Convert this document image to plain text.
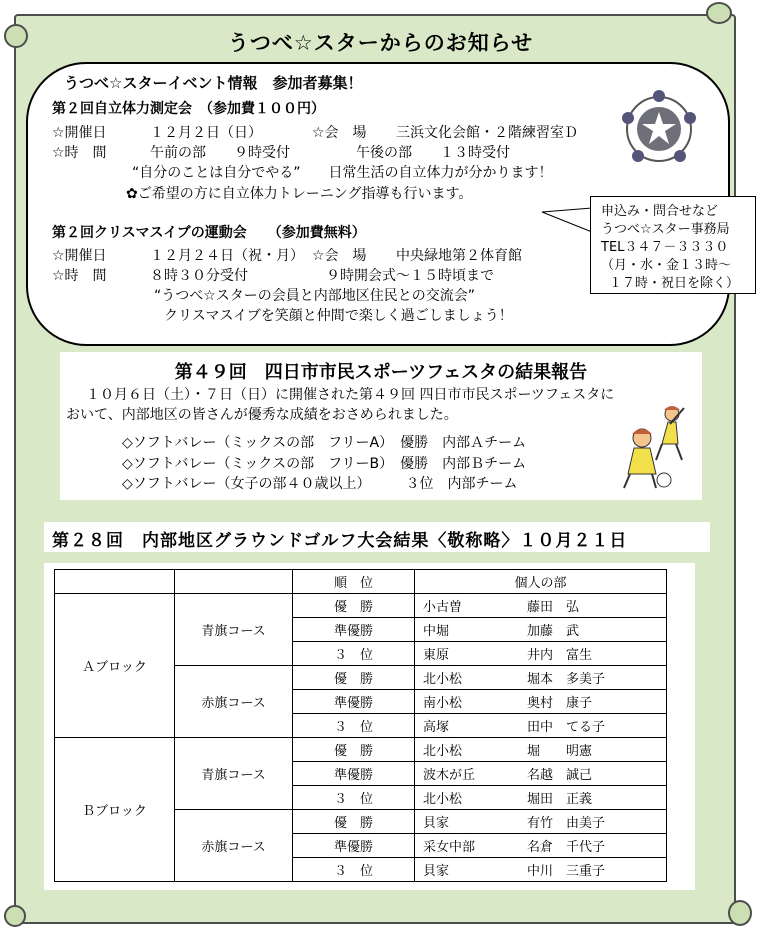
うつべ☆スターからのお知らせ
うつべ☆スターイベント情報　参加者募集！
第２回自立体力測定会　（参加費１００円）
☆開催日	１２月２日（日）	☆会　場 三浜文化会館・２階練習室Ｄ
☆時　間	午前の部　　９時受付	午後の部　　１３時受付
“自分のことは自分でやる”　　日常生活の自立体力が分かります！
✿ご希望の方に自立体力トレーニング指導も行います。
第２回クリスマスイブの運動会　　（参加費無料）
☆開催日	１２月２４日（祝・月） ☆会　場 中央緑地第２体育館
☆時　間	８時３０分受付	９時開会式～１５時頃まで
“うつべ☆スターの会員と内部地区住民との交流会”
クリスマスイブを笑顔と仲間で楽しく過ごしましょう！
申込み・問合せなど
うつべ☆スター事務局
TEL３４７－３３３０
（月・水・金１３時～
１７時・祝日を除く）
第４９回　四日市市民スポーツフェスタの結果報告
１０月６日（土）・７日（日）に開催された第４９回 四日市市民スポーツフェスタに
おいて、内部地区の皆さんが優秀な成績をおさめられました。
◇ソフトバレー（ミックスの部　フリーA）　優勝　内部Ａチーム
◇ソフトバレー（ミックスの部　フリーB）　優勝　内部Ｂチーム
◇ソフトバレー（女子の部４０歳以上）　　　３位　内部チーム
第２８回　内部地区グラウンドゴルフ大会結果〈敬称略〉１０月２１日
		順　位	個人の部
Ａブロック	青旗コース	優　勝	小古曽 藤田　弘
		準優勝	中堀 加藤　武
		３　位	東原 井内　富生
	赤旗コース	優　勝	北小松 堀本　多美子
		準優勝	南小松 奥村　康子
		３　位	高塚 田中　てる子
Ｂブロック	青旗コース	優　勝	北小松 堀　　明憲
		準優勝	波木が丘 名越　誠己
		３　位	北小松 堀田　正義
	赤旗コース	優　勝	貝家 有竹　由美子
		準優勝	采女中部 名倉　千代子
		３　位	貝家 中川　三重子
